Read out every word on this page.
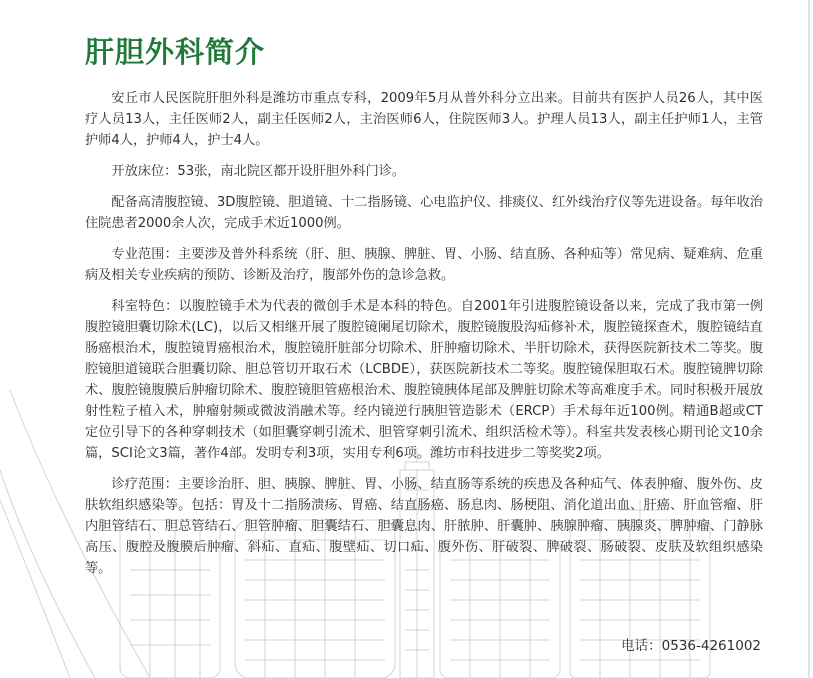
肝胆外科简介

安丘市人民医院肝胆外科是潍坊市重点专科，2009年5月从普外科分立出来。目前共有医护人员26人，其中医疗人员13人，主任医师2人，副主任医师2人，主治医师6人，住院医师3人。护理人员13人，副主任护师1人，主管护师4人，护师4人，护士4人。

开放床位：53张，南北院区都开设肝胆外科门诊。

配备高清腹腔镜、3D腹腔镜、胆道镜、十二指肠镜、心电监护仪、排痰仪、红外线治疗仪等先进设备。每年收治住院患者2000余人次，完成手术近1000例。

专业范围：主要涉及普外科系统（肝、胆、胰腺、脾脏、胃、小肠、结直肠、各种疝等）常见病、疑难病、危重病及相关专业疾病的预防、诊断及治疗，腹部外伤的急诊急救。

科室特色：以腹腔镜手术为代表的微创手术是本科的特色。自2001年引进腹腔镜设备以来，完成了我市第一例腹腔镜胆囊切除术(LC)，以后又相继开展了腹腔镜阑尾切除术，腹腔镜腹股沟疝修补术，腹腔镜探查术，腹腔镜结直肠癌根治术，腹腔镜胃癌根治术，腹腔镜肝脏部分切除术、肝肿瘤切除术、半肝切除术，获得医院新技术二等奖。腹腔镜胆道镜联合胆囊切除、胆总管切开取石术（LCBDE），获医院新技术二等奖。腹腔镜保胆取石术。腹腔镜脾切除术、腹腔镜腹膜后肿瘤切除术、腹腔镜胆管癌根治术、腹腔镜胰体尾部及脾脏切除术等高难度手术。同时积极开展放射性粒子植入术，肿瘤射频或微波消融术等。经内镜逆行胰胆管造影术（ERCP）手术每年近100例。精通B超或CT定位引导下的各种穿刺技术（如胆囊穿刺引流术、胆管穿刺引流术、组织活检术等）。科室共发表核心期刊论文10余篇，SCI论文3篇，著作4部。发明专利3项，实用专利6项。潍坊市科技进步二等奖奖2项。

诊疗范围：主要诊治肝、胆、胰腺、脾脏、胃、小肠、结直肠等系统的疾患及各种疝气、体表肿瘤、腹外伤、皮肤软组织感染等。包括：胃及十二指肠溃疡、胃癌、结直肠癌、肠息肉、肠梗阻、消化道出血、肝癌、肝血管瘤、肝内胆管结石、胆总管结石、胆管肿瘤、胆囊结石、胆囊息肉、肝脓肿、肝囊肿、胰腺肿瘤、胰腺炎、脾肿瘤、门静脉高压、腹腔及腹膜后肿瘤、斜疝、直疝、腹壁疝、切口疝、腹外伤、肝破裂、脾破裂、肠破裂、皮肤及软组织感染等。

电话：0536-4261002
